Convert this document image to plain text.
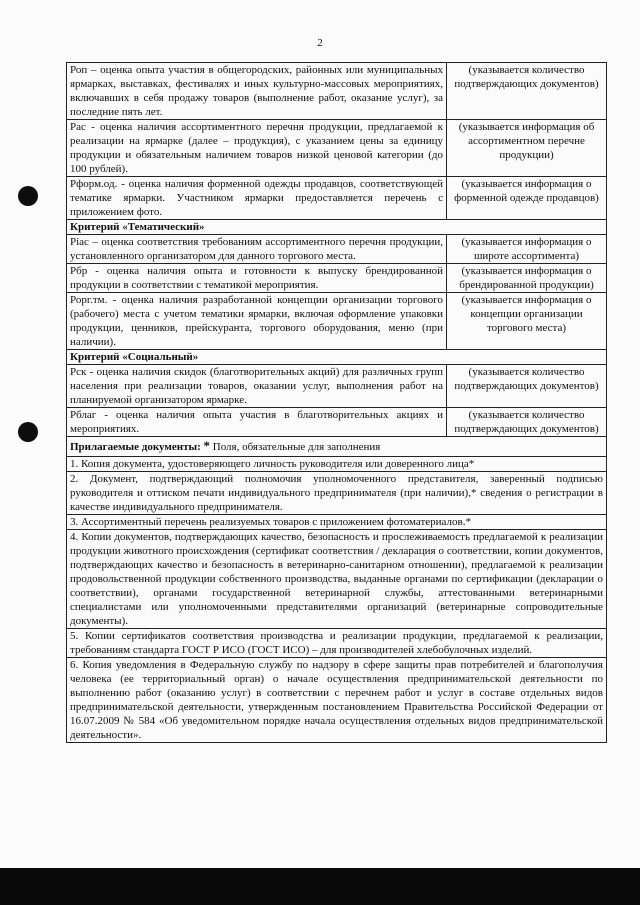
2
Роп – оценка опыта участия в общегородских, районных или муниципальных ярмарках, выставках, фестивалях и иных культурно-массовых мероприятиях, включавших в себя продажу товаров (выполнение работ, оказание услуг), за последние пять лет.	(указывается количество подтверждающих документов)
Рас - оценка наличия ассортиментного перечня продукции, предлагаемой к реализации на ярмарке (далее – продукция), с указанием цены за единицу продукции и обязательным наличием товаров низкой ценовой категории (до 100 рублей).	(указывается информация об ассортиментном перечне продукции)
Рформ.од. - оценка наличия форменной одежды продавцов, соответствующей тематике ярмарки. Участником ярмарки предоставляется перечень с приложением фото.	(указывается информация о форменной одежде продавцов)
Критерий «Тематический»	
Ріас – оценка соответствия требованиям ассортиментного перечня продукции, установленного организатором для данного торгового места.	(указывается информация о широте ассортимента)
Рбр - оценка наличия опыта и готовности к выпуску брендированной продукции в соответствии с тематикой мероприятия.	(указывается информация о брендированной продукции)
Рорг.тм. - оценка наличия разработанной концепции организации торгового (рабочего) места с учетом тематики ярмарки, включая оформление упаковки продукции, ценников, прейскуранта, торгового оборудования, меню (при наличии).	(указывается информация о концепции организации торгового места)
Критерий «Социальный»	
Рск - оценка наличия скидок (благотворительных акций) для различных групп населения при реализации товаров, оказании услуг, выполнения работ на планируемой организатором ярмарке.	(указывается количество подтверждающих документов)
Рблаг - оценка наличия опыта участия в благотворительных акциях и мероприятиях.	(указывается количество подтверждающих документов)
Прилагаемые документы: * Поля, обязательные для заполнения	
1. Копия документа, удостоверяющего личность руководителя или доверенного лица*	
2. Документ, подтверждающий полномочия уполномоченного представителя, заверенный подписью руководителя и оттиском печати индивидуального предпринимателя (при наличии),* сведения о регистрации в качестве индивидуального предпринимателя.	
3. Ассортиментный перечень реализуемых товаров с приложением фотоматериалов.*	
4. Копии документов, подтверждающих качество, безопасность и прослеживаемость предлагаемой к реализации продукции животного происхождения (сертификат соответствия / декларация о соответствии, копии документов, подтверждающих качество и безопасность в ветеринарно-санитарном отношении), предлагаемой к реализации продовольственной продукции собственного производства, выданные органами по сертификации (декларации о соответствии), органами государственной ветеринарной службы, аттестованными ветеринарными специалистами или уполномоченными представителями организаций (ветеринарные сопроводительные документы).	
5. Копии сертификатов соответствия производства и реализации продукции, предлагаемой к реализации, требованиям стандарта ГОСТ Р ИСО (ГОСТ ИСО) – для производителей хлебобулочных изделий.	
6. Копия уведомления в Федеральную службу по надзору в сфере защиты прав потребителей и благополучия человека (ее территориальный орган) о начале осуществления предпринимательской деятельности по выполнению работ (оказанию услуг) в соответствии с перечнем работ и услуг в составе отдельных видов предпринимательской деятельности, утвержденным постановлением Правительства Российской Федерации от 16.07.2009 № 584 «Об уведомительном порядке начала осуществления отдельных видов предпринимательской деятельности».	
